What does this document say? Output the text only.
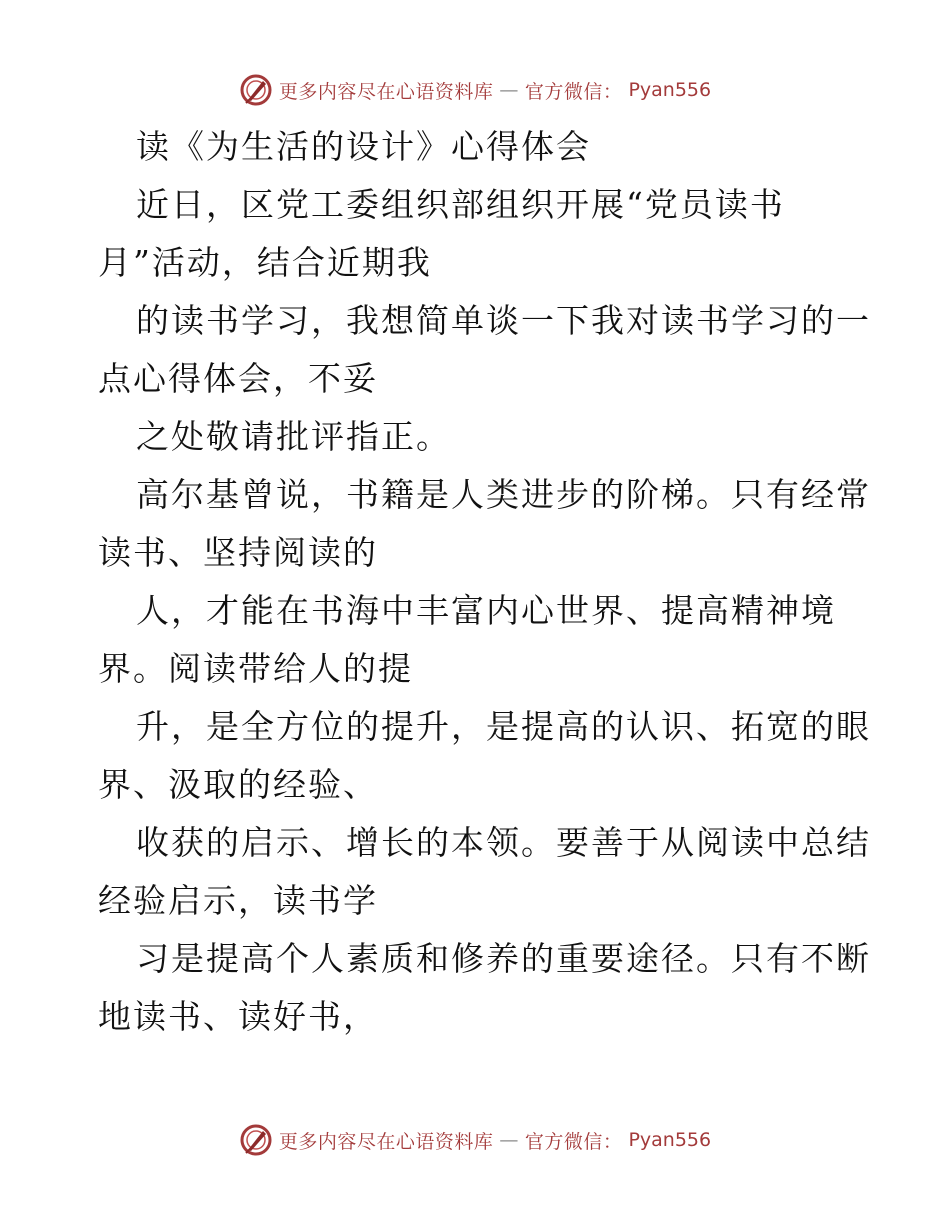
更多内容尽在心语资料库 — 官方微信： Pyan556
读《为生活的设计》心得体会
近日，区党工委组织部组织开展“党员读书
月”活动，结合近期我
的读书学习，我想简单谈一下我对读书学习的一
点心得体会，不妥
之处敬请批评指正。
高尔基曾说，书籍是人类进步的阶梯。只有经常
读书、坚持阅读的
人，才能在书海中丰富内心世界、提高精神境
界。阅读带给人的提
升，是全方位的提升，是提高的认识、拓宽的眼
界、汲取的经验、
收获的启示、增长的本领。要善于从阅读中总结
经验启示，读书学
习是提高个人素质和修养的重要途径。只有不断
地读书、读好书，
更多内容尽在心语资料库 — 官方微信： Pyan556
